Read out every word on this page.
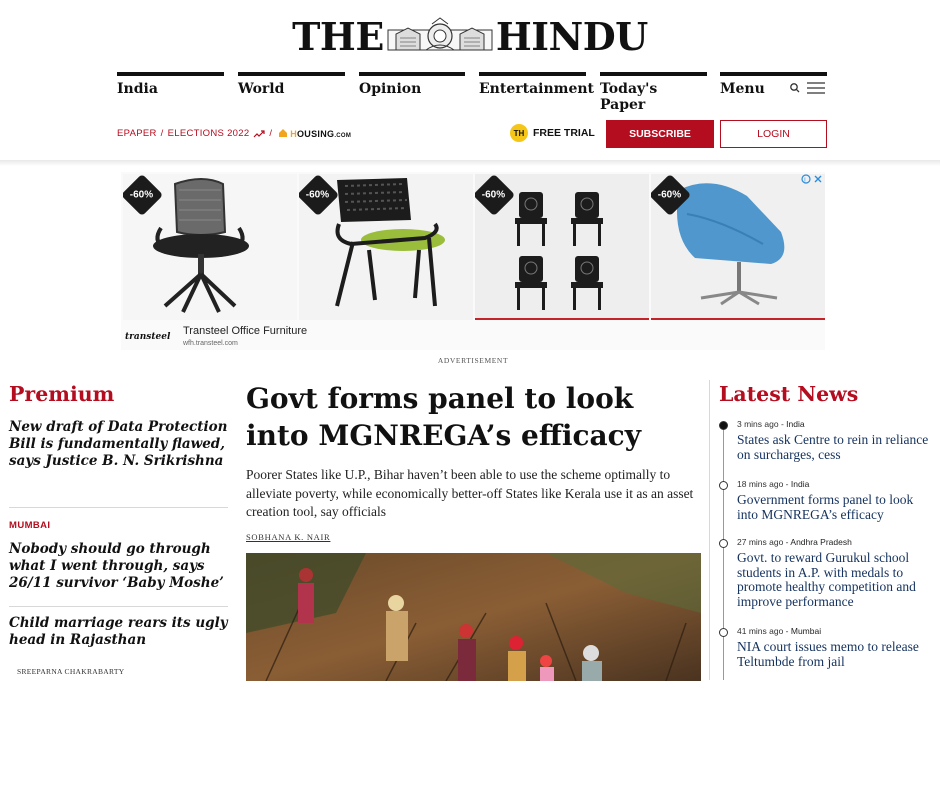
THE	HINDU
India	World	Opinion	Entertainment Today's Paper
Menu
EPAPER / ELECTIONS 2022 /	HOUSING.COM	TH FREE TRIAL	SUBSCRIBE	LOGIN
-60%	-60%	-60%	-60%
i
transteel Transteel Office Furniture
wfh.transteel.com
ADVERTISEMENT
Premium
New draft of Data Protection Bill is fundamentally flawed, says Justice B. N. Srikrishna
MUMBAI
Nobody should go through what I went through, says 26/11 survivor ‘Baby Moshe’
Child marriage rears its ugly head in Rajasthan
SREEPARNA CHAKRABARTY
Govt forms panel to look into MGNREGA’s efficacy
Poorer States like U.P., Bihar haven’t been able to use the scheme optimally to alleviate poverty, while economically better-off States like Kerala use it as an asset creation tool, say officials
SOBHANA K. NAIR
Latest News
3 mins ago - India
States ask Centre to rein in reliance on surcharges, cess
18 mins ago - India
Government forms panel to look into MGNREGA’s efficacy
27 mins ago - Andhra Pradesh
Govt. to reward Gurukul school students in A.P. with medals to promote healthy competition and improve performance
41 mins ago - Mumbai
NIA court issues memo to release Teltumbde from jail
